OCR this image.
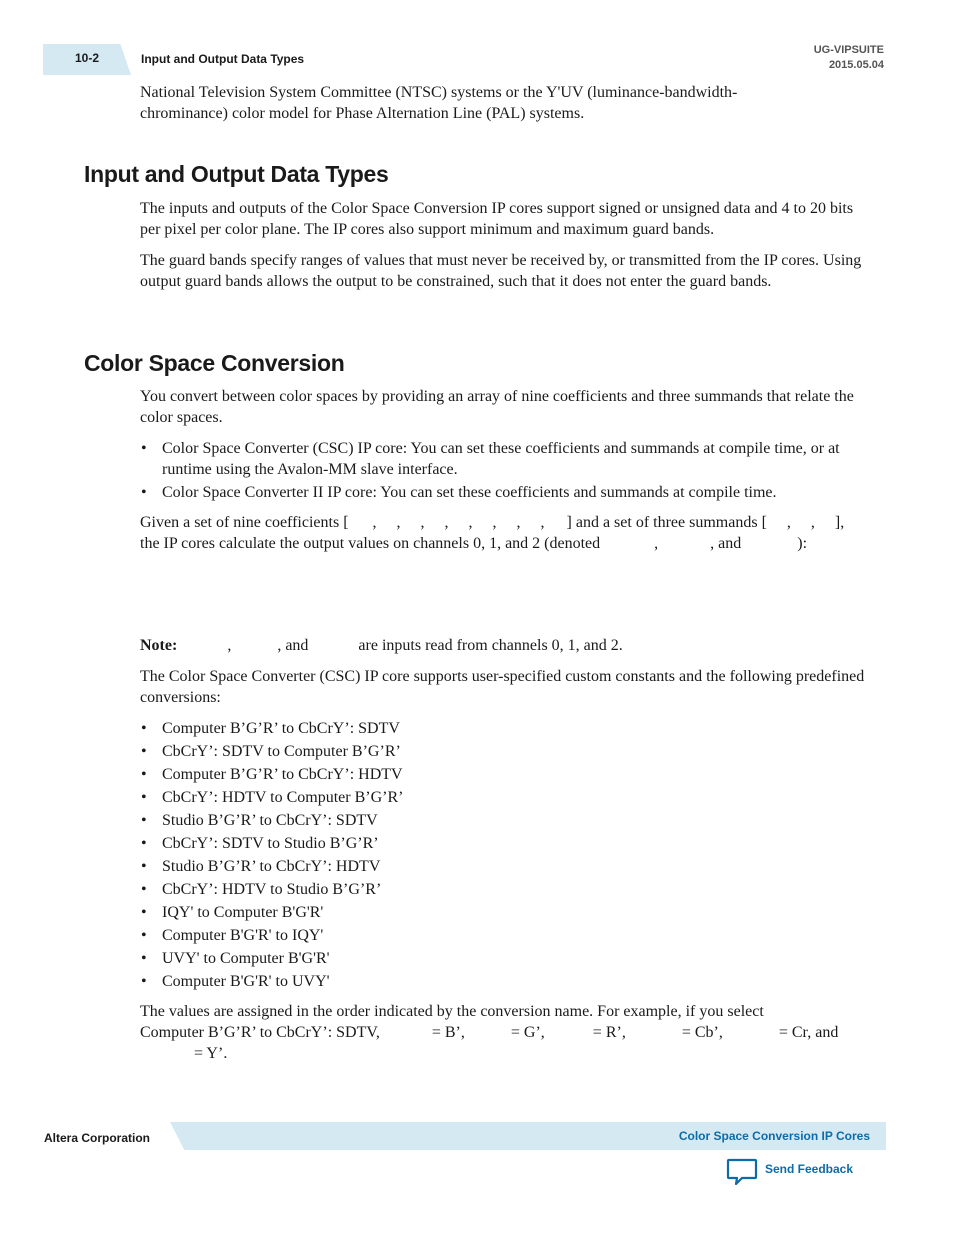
10-2	Input and Output Data Types
UG-VIPSUITE
2015.05.04

National Television System Committee (NTSC) systems or the Y'UV (luminance-bandwidth-
chrominance) color model for Phase Alternation Line (PAL) systems.

Input and Output Data Types

The inputs and outputs of the Color Space Conversion IP cores support signed or unsigned data and 4 to 20 bits per pixel per color plane. The IP cores also support minimum and maximum guard bands.

The guard bands specify ranges of values that must never be received by, or transmitted from the IP cores. Using output guard bands allows the output to be constrained, such that it does not enter the guard bands.

Color Space Conversion

You convert between color spaces by providing an array of nine coefficients and three summands that relate the color spaces.

• Color Space Converter (CSC) IP core: You can set these coefficients and summands at compile time, or at runtime using the Avalon-MM slave interface.
• Color Space Converter II IP core: You can set these coefficients and summands at compile time.

Given a set of nine coefficients [ , , , , , , , , ] and a set of three summands [ , , ],
the IP cores calculate the output values on channels 0, 1, and 2 (denoted	,	, and	):

Note:	,	, and	are inputs read from channels 0, 1, and 2.

The Color Space Converter (CSC) IP core supports user-specified custom constants and the following predefined conversions:

• Computer B’G’R’ to CbCrY’: SDTV
• CbCrY’: SDTV to Computer B’G’R’
• Computer B’G’R’ to CbCrY’: HDTV
• CbCrY’: HDTV to Computer B’G’R’
• Studio B’G’R’ to CbCrY’: SDTV
• CbCrY’: SDTV to Studio B’G’R’
• Studio B’G’R’ to CbCrY’: HDTV
• CbCrY’: HDTV to Studio B’G’R’
• IQY' to Computer B'G'R'
• Computer B'G'R' to IQY'
• UVY' to Computer B'G'R'
• Computer B'G'R' to UVY'

The values are assigned in the order indicated by the conversion name. For example, if you select
Computer B’G’R’ to CbCrY’: SDTV,	= B’,	= G’,	= R’,	= Cb’,	= Cr, and
= Y’.

Altera Corporation	Color Space Conversion IP Cores
Send Feedback
